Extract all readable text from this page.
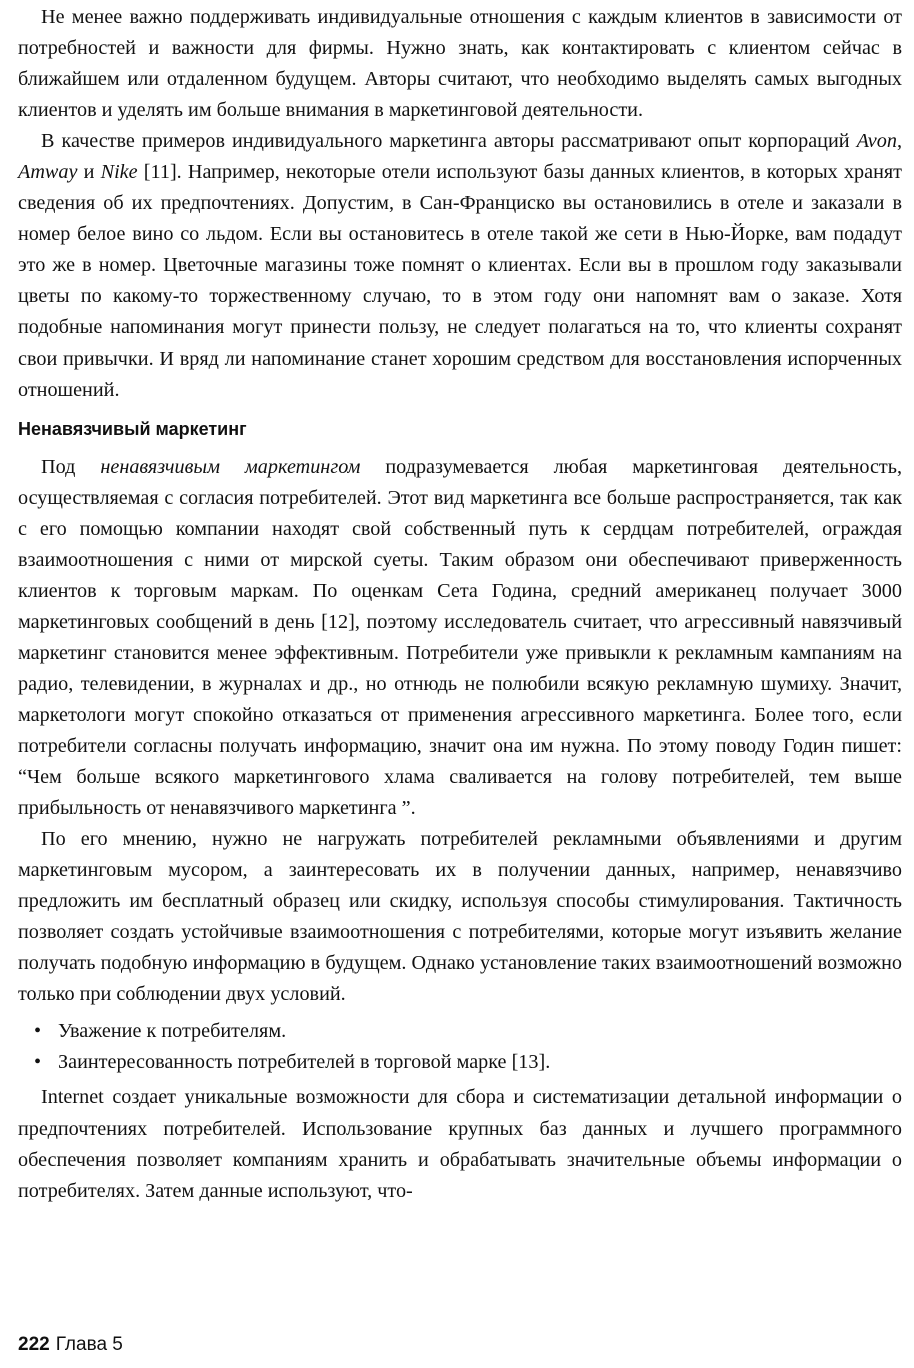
Не менее важно поддерживать индивидуальные отношения с каждым клиентов в зависимости от потребностей и важности для фирмы. Нужно знать, как контактировать с клиентом сейчас в ближайшем или отдаленном будущем. Авторы считают, что необходимо выделять самых выгодных клиентов и уделять им больше внимания в маркетинговой деятельности.

В качестве примеров индивидуального маркетинга авторы рассматривают опыт корпораций Avon, Amway и Nike [11]. Например, некоторые отели используют базы данных клиентов, в которых хранят сведения об их предпочтениях. Допустим, в Сан-Франциско вы остановились в отеле и заказали в номер белое вино со льдом. Если вы остановитесь в отеле такой же сети в Нью-Йорке, вам подадут это же в номер. Цветочные магазины тоже помнят о клиентах. Если вы в прошлом году заказывали цветы по какому-то торжественному случаю, то в этом году они напомнят вам о заказе. Хотя подобные напоминания могут принести пользу, не следует полагаться на то, что клиенты сохранят свои привычки. И вряд ли напоминание станет хорошим средством для восстановления испорченных отношений.

Ненавязчивый маркетинг

Под ненавязчивым маркетингом подразумевается любая маркетинговая деятельность, осуществляемая с согласия потребителей. Этот вид маркетинга все больше распространяется, так как с его помощью компании находят свой собственный путь к сердцам потребителей, ограждая взаимоотношения с ними от мирской суеты. Таким образом они обеспечивают приверженность клиентов к торговым маркам. По оценкам Сета Година, средний американец получает 3000 маркетинговых сообщений в день [12], поэтому исследователь считает, что агрессивный навязчивый маркетинг становится менее эффективным. Потребители уже привыкли к рекламным кампаниям на радио, телевидении, в журналах и др., но отнюдь не полюбили всякую рекламную шумиху. Значит, маркетологи могут спокойно отказаться от применения агрессивного маркетинга. Более того, если потребители согласны получать информацию, значит она им нужна. По этому поводу Годин пишет: “Чем больше всякого маркетингового хлама сваливается на голову потребителей, тем выше прибыльность от ненавязчивого маркетинга ”.

По его мнению, нужно не нагружать потребителей рекламными объявлениями и другим маркетинговым мусором, а заинтересовать их в получении данных, например, ненавязчиво предложить им бесплатный образец или скидку, используя способы стимулирования. Тактичность позволяет создать устойчивые взаимоотношения с потребителями, которые могут изъявить желание получать подобную информацию в будущем. Однако установление таких взаимоотношений возможно только при соблюдении двух условий.

• Уважение к потребителям.
• Заинтересованность потребителей в торговой марке [13].

Internet создает уникальные возможности для сбора и систематизации детальной информации о предпочтениях потребителей. Использование крупных баз данных и лучшего программного обеспечения позволяет компаниям хранить и обрабатывать значительные объемы информации о потребителях. Затем данные используют, что-

222 Глава 5
